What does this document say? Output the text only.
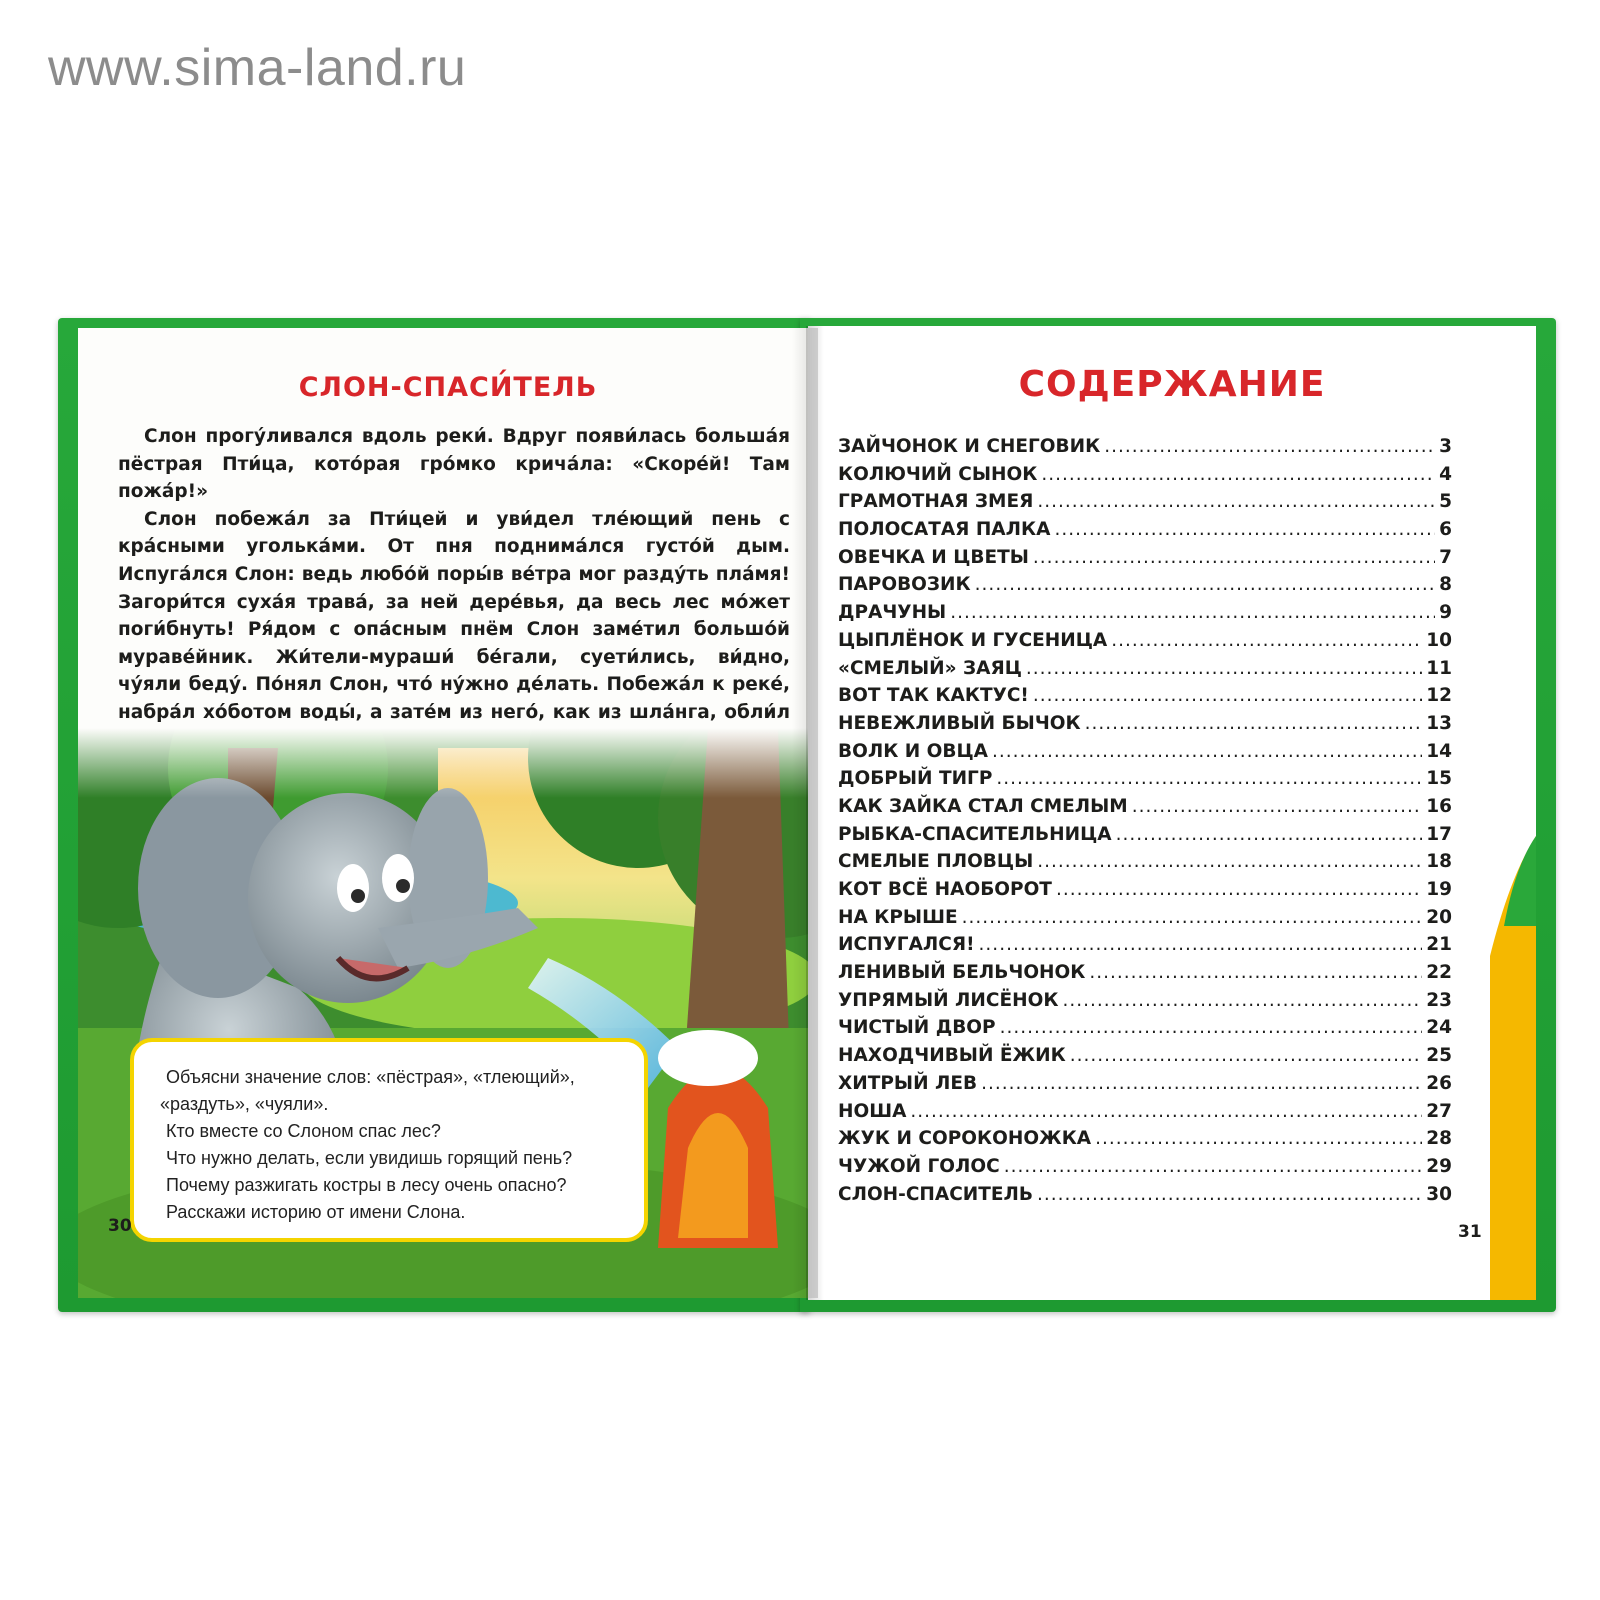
www.sima-land.ru
СЛОН-СПАСИ́ТЕЛЬ

Слон прогу́ливался вдоль реки́. Вдруг появи́лась больша́я пёстрая Пти́ца, кото́рая гро́мко крича́ла: «Скоре́й! Там пожа́р!»

Слон побежа́л за Пти́цей и уви́дел тле́ющий пень с кра́сными уголька́ми. От пня поднима́лся густо́й дым. Испуга́лся Слон: ведь любо́й поры́в ве́тра мог разду́ть пла́мя! Загори́тся суха́я трава́, за ней дере́вья, да весь лес мо́жет поги́бнуть! Ря́дом с опа́сным пнём Слон заме́тил большо́й мураве́йник. Жи́тели-мураши́ бе́гали, суети́лись, ви́дно, чу́яли беду́. По́нял Слон, что́ ну́жно де́лать. Побежа́л к реке́, набра́л хо́ботом воды́, а зате́м из него́, как из шла́нга, обли́л

Объясни значение слов: «пёстрая», «тлеющий», «раздуть», «чуяли».
Кто вместе со Слоном спас лес?
Что нужно делать, если увидишь горящий пень?
Почему разжигать костры в лесу очень опасно?
Расскажи историю от имени Слона.
30
СОДЕРЖАНИЕ
ЗАЙЧОНОК И СНЕГОВИК .....	3
КОЛЮЧИЙ СЫНОК .....	4
ГРАМОТНАЯ ЗМЕЯ .....	5
ПОЛОСАТАЯ ПАЛКА .....	6
ОВЕЧКА И ЦВЕТЫ .....	7
ПАРОВОЗИК .....	8
ДРАЧУНЫ .....	9
ЦЫПЛЁНОК И ГУСЕНИЦА .....	10
«СМЕЛЫЙ» ЗАЯЦ .....	11
ВОТ ТАК КАКТУС! .....	12
НЕВЕЖЛИВЫЙ БЫЧОК .....	13
ВОЛК И ОВЦА .....	14
ДОБРЫЙ ТИГР .....	15
КАК ЗАЙКА СТАЛ СМЕЛЫМ .....	16
РЫБКА-СПАСИТЕЛЬНИЦА .....	17
СМЕЛЫЕ ПЛОВЦЫ .....	18
КОТ ВСЁ НАОБОРОТ .....	19
НА КРЫШЕ .....	20
ИСПУГАЛСЯ! .....	21
ЛЕНИВЫЙ БЕЛЬЧОНОК .....	22
УПРЯМЫЙ ЛИСЁНОК .....	23
ЧИСТЫЙ ДВОР .....	24
НАХОДЧИВЫЙ ЁЖИК .....	25
ХИТРЫЙ ЛЕВ .....	26
НОША .....	27
ЖУК И СОРОКОНОЖКА .....	28
ЧУЖОЙ ГОЛОС .....	29
СЛОН-СПАСИТЕЛЬ .....	30
31
